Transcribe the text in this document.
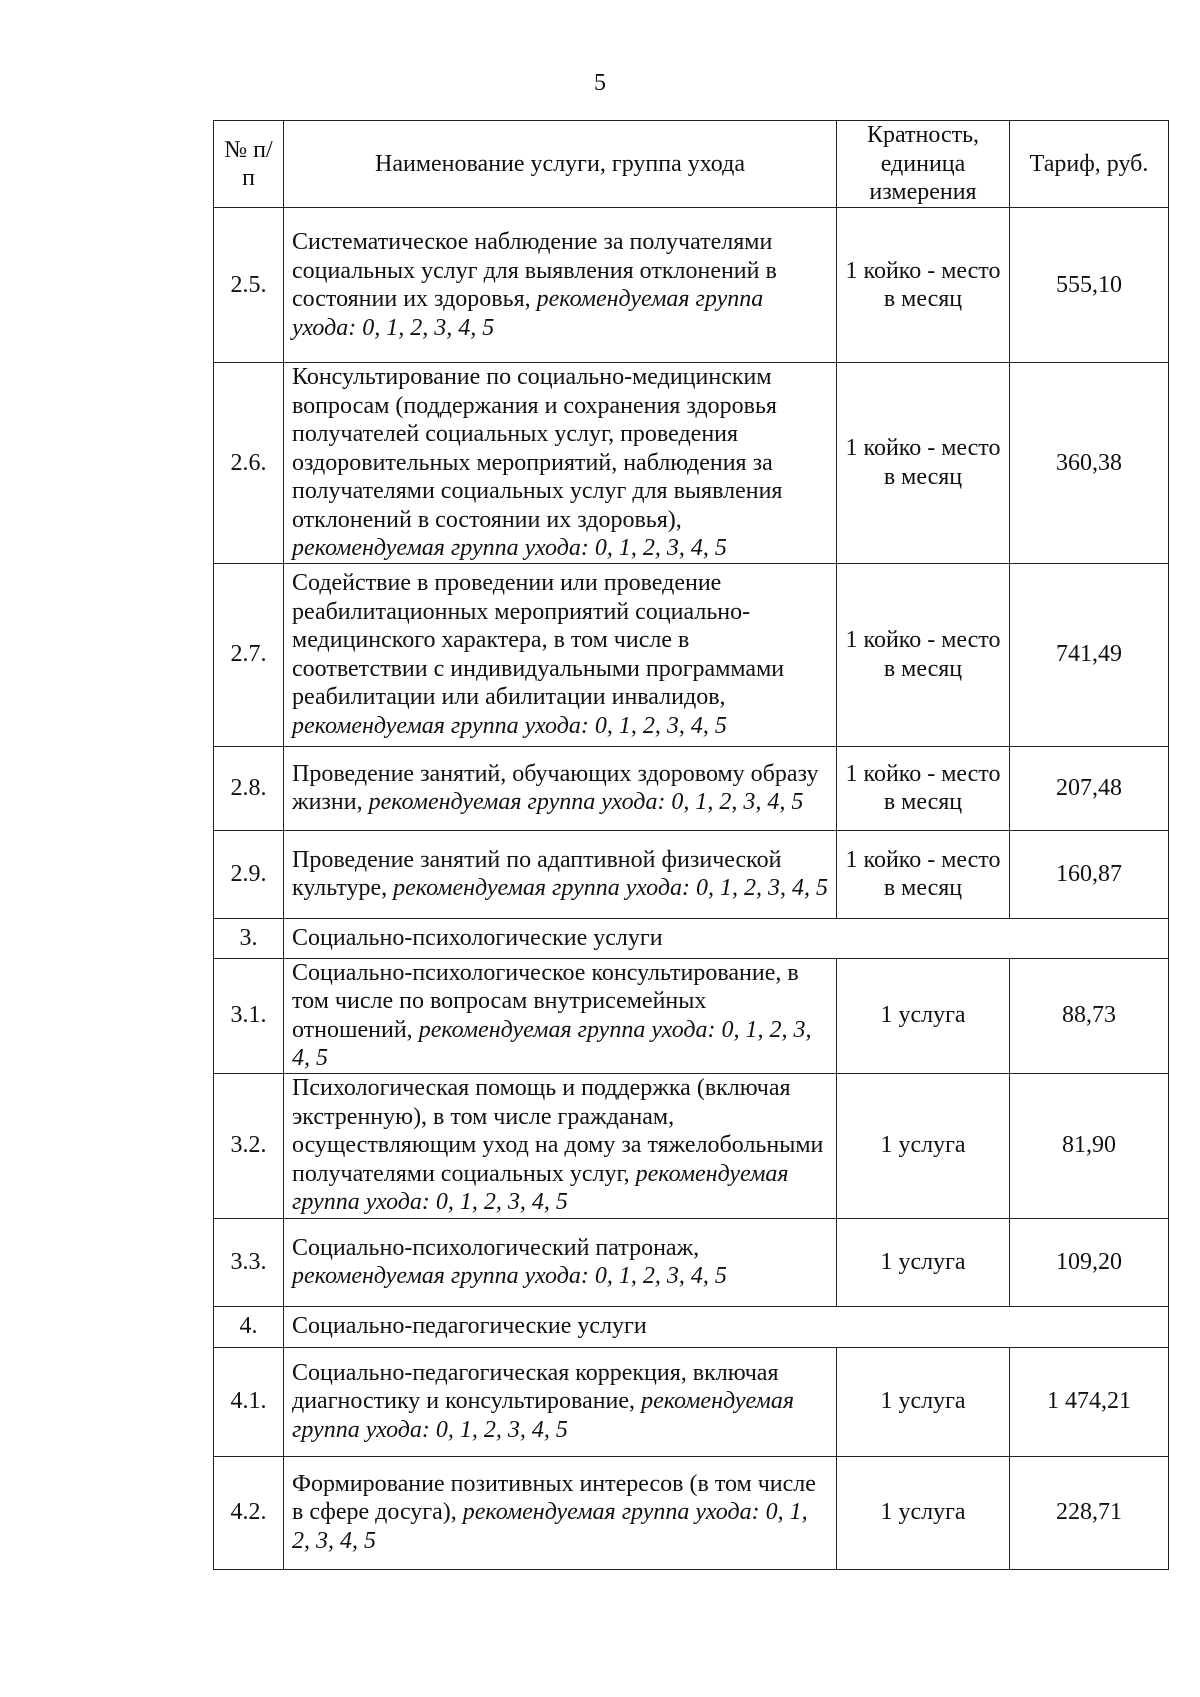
5
№ п/п	Наименование услуги, группа ухода	Кратность, единица измерения	Тариф, руб.
2.5.	Систематическое наблюдение за получателями социальных услуг для выявления отклонений в состоянии их здоровья, рекомендуемая группа ухода: 0, 1, 2, 3, 4, 5	1 койко - место в месяц	555,10
2.6.	Консультирование по социально-медицинским вопросам (поддержания и сохранения здоровья получателей социальных услуг, проведения оздоровительных мероприятий, наблюдения за получателями социальных услуг для выявления отклонений в состоянии их здоровья), рекомендуемая группа ухода: 0, 1, 2, 3, 4, 5	1 койко - место в месяц	360,38
2.7.	Содействие в проведении или проведение реабилитационных мероприятий социально-медицинского характера, в том числе в соответствии с индивидуальными программами реабилитации или абилитации инвалидов, рекомендуемая группа ухода: 0, 1, 2, 3, 4, 5	1 койко - место в месяц	741,49
2.8.	Проведение занятий, обучающих здоровому образу жизни, рекомендуемая группа ухода: 0, 1, 2, 3, 4, 5	1 койко - место в месяц	207,48
2.9.	Проведение занятий по адаптивной физической культуре, рекомендуемая группа ухода: 0, 1, 2, 3, 4, 5	1 койко - место в месяц	160,87
3.	Социально-психологические услуги		
3.1.	Социально-психологическое консультирование, в том числе по вопросам внутрисемейных отношений, рекомендуемая группа ухода: 0, 1, 2, 3, 4, 5	1 услуга	88,73
3.2.	Психологическая помощь и поддержка (включая экстренную), в том числе гражданам, осуществляющим уход на дому за тяжелобольными получателями социальных услуг, рекомендуемая группа ухода: 0, 1, 2, 3, 4, 5	1 услуга	81,90
3.3.	Социально-психологический патронаж, рекомендуемая группа ухода: 0, 1, 2, 3, 4, 5	1 услуга	109,20
4.	Социально-педагогические услуги		
4.1.	Социально-педагогическая коррекция, включая диагностику и консультирование, рекомендуемая группа ухода: 0, 1, 2, 3, 4, 5	1 услуга	1 474,21
4.2.	Формирование позитивных интересов (в том числе в сфере досуга), рекомендуемая группа ухода: 0, 1, 2, 3, 4, 5	1 услуга	228,71
